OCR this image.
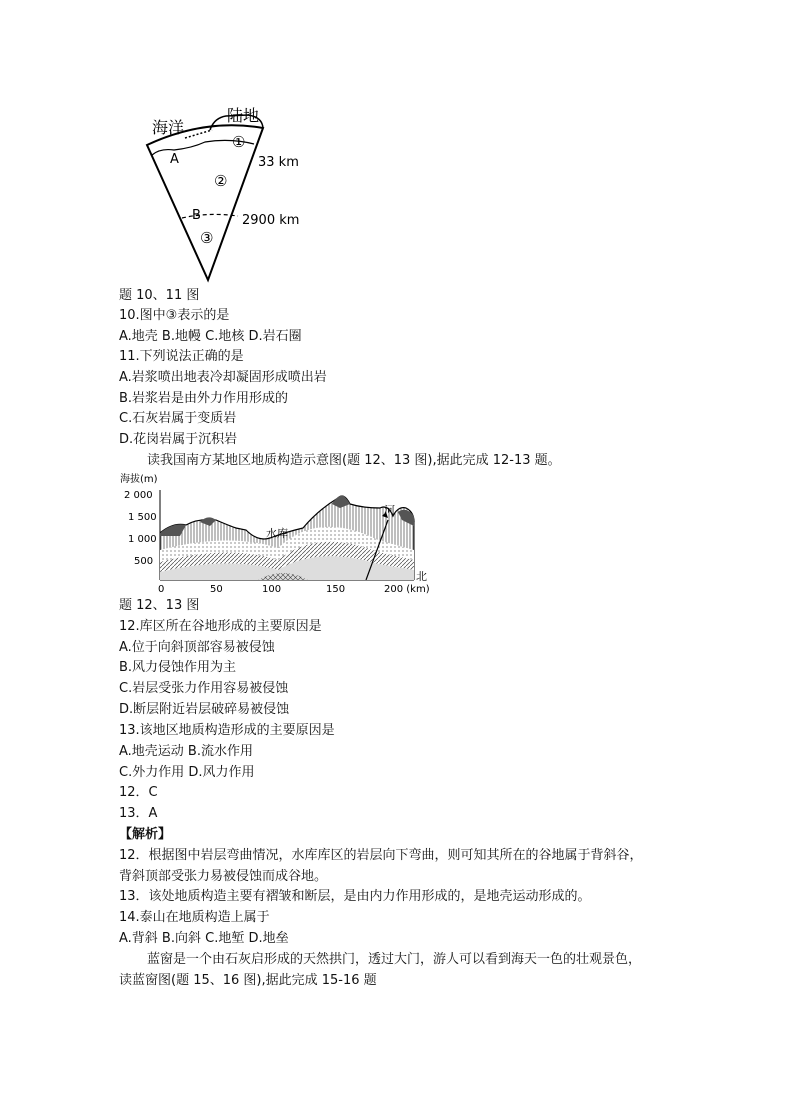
海洋
陆地
A
B
①
②
③
33 km
2900 km
题 10、11 图
10.图中③表示的是
A.地壳 B.地幔 C.地核 D.岩石圈
11.下列说法正确的是
A.岩浆喷出地表冷却凝固形成喷出岩
B.岩浆岩是由外力作用形成的
C.石灰岩属于变质岩
D.花岗岩属于沉积岩
读我国南方某地区地质构造示意图(题 12、13 图),据此完成 12-13 题。
海拔(m)
2 000
1 500
1 000
500
0	50	100	150	200 (km)
水库
河
北
题 12、13 图
12.库区所在谷地形成的主要原因是
A.位于向斜顶部容易被侵蚀
B.风力侵蚀作用为主
C.岩层受张力作用容易被侵蚀
D.断层附近岩层破碎易被侵蚀
13.该地区地质构造形成的主要原因是
A.地壳运动 B.流水作用
C.外力作用 D.风力作用
12．C
13．A
【解析】
12．根据图中岩层弯曲情况，水库库区的岩层向下弯曲，则可知其所在的谷地属于背斜谷，
背斜顶部受张力易被侵蚀而成谷地。
13．该处地质构造主要有褶皱和断层，是由内力作用形成的，是地壳运动形成的。
14.泰山在地质构造上属于
A.背斜 B.向斜 C.地堑 D.地垒
蓝窗是一个由石灰启形成的天然拱门，透过大门，游人可以看到海天一色的壮观景色，
读蓝窗图(题 15、16 图),据此完成 15-16 题
